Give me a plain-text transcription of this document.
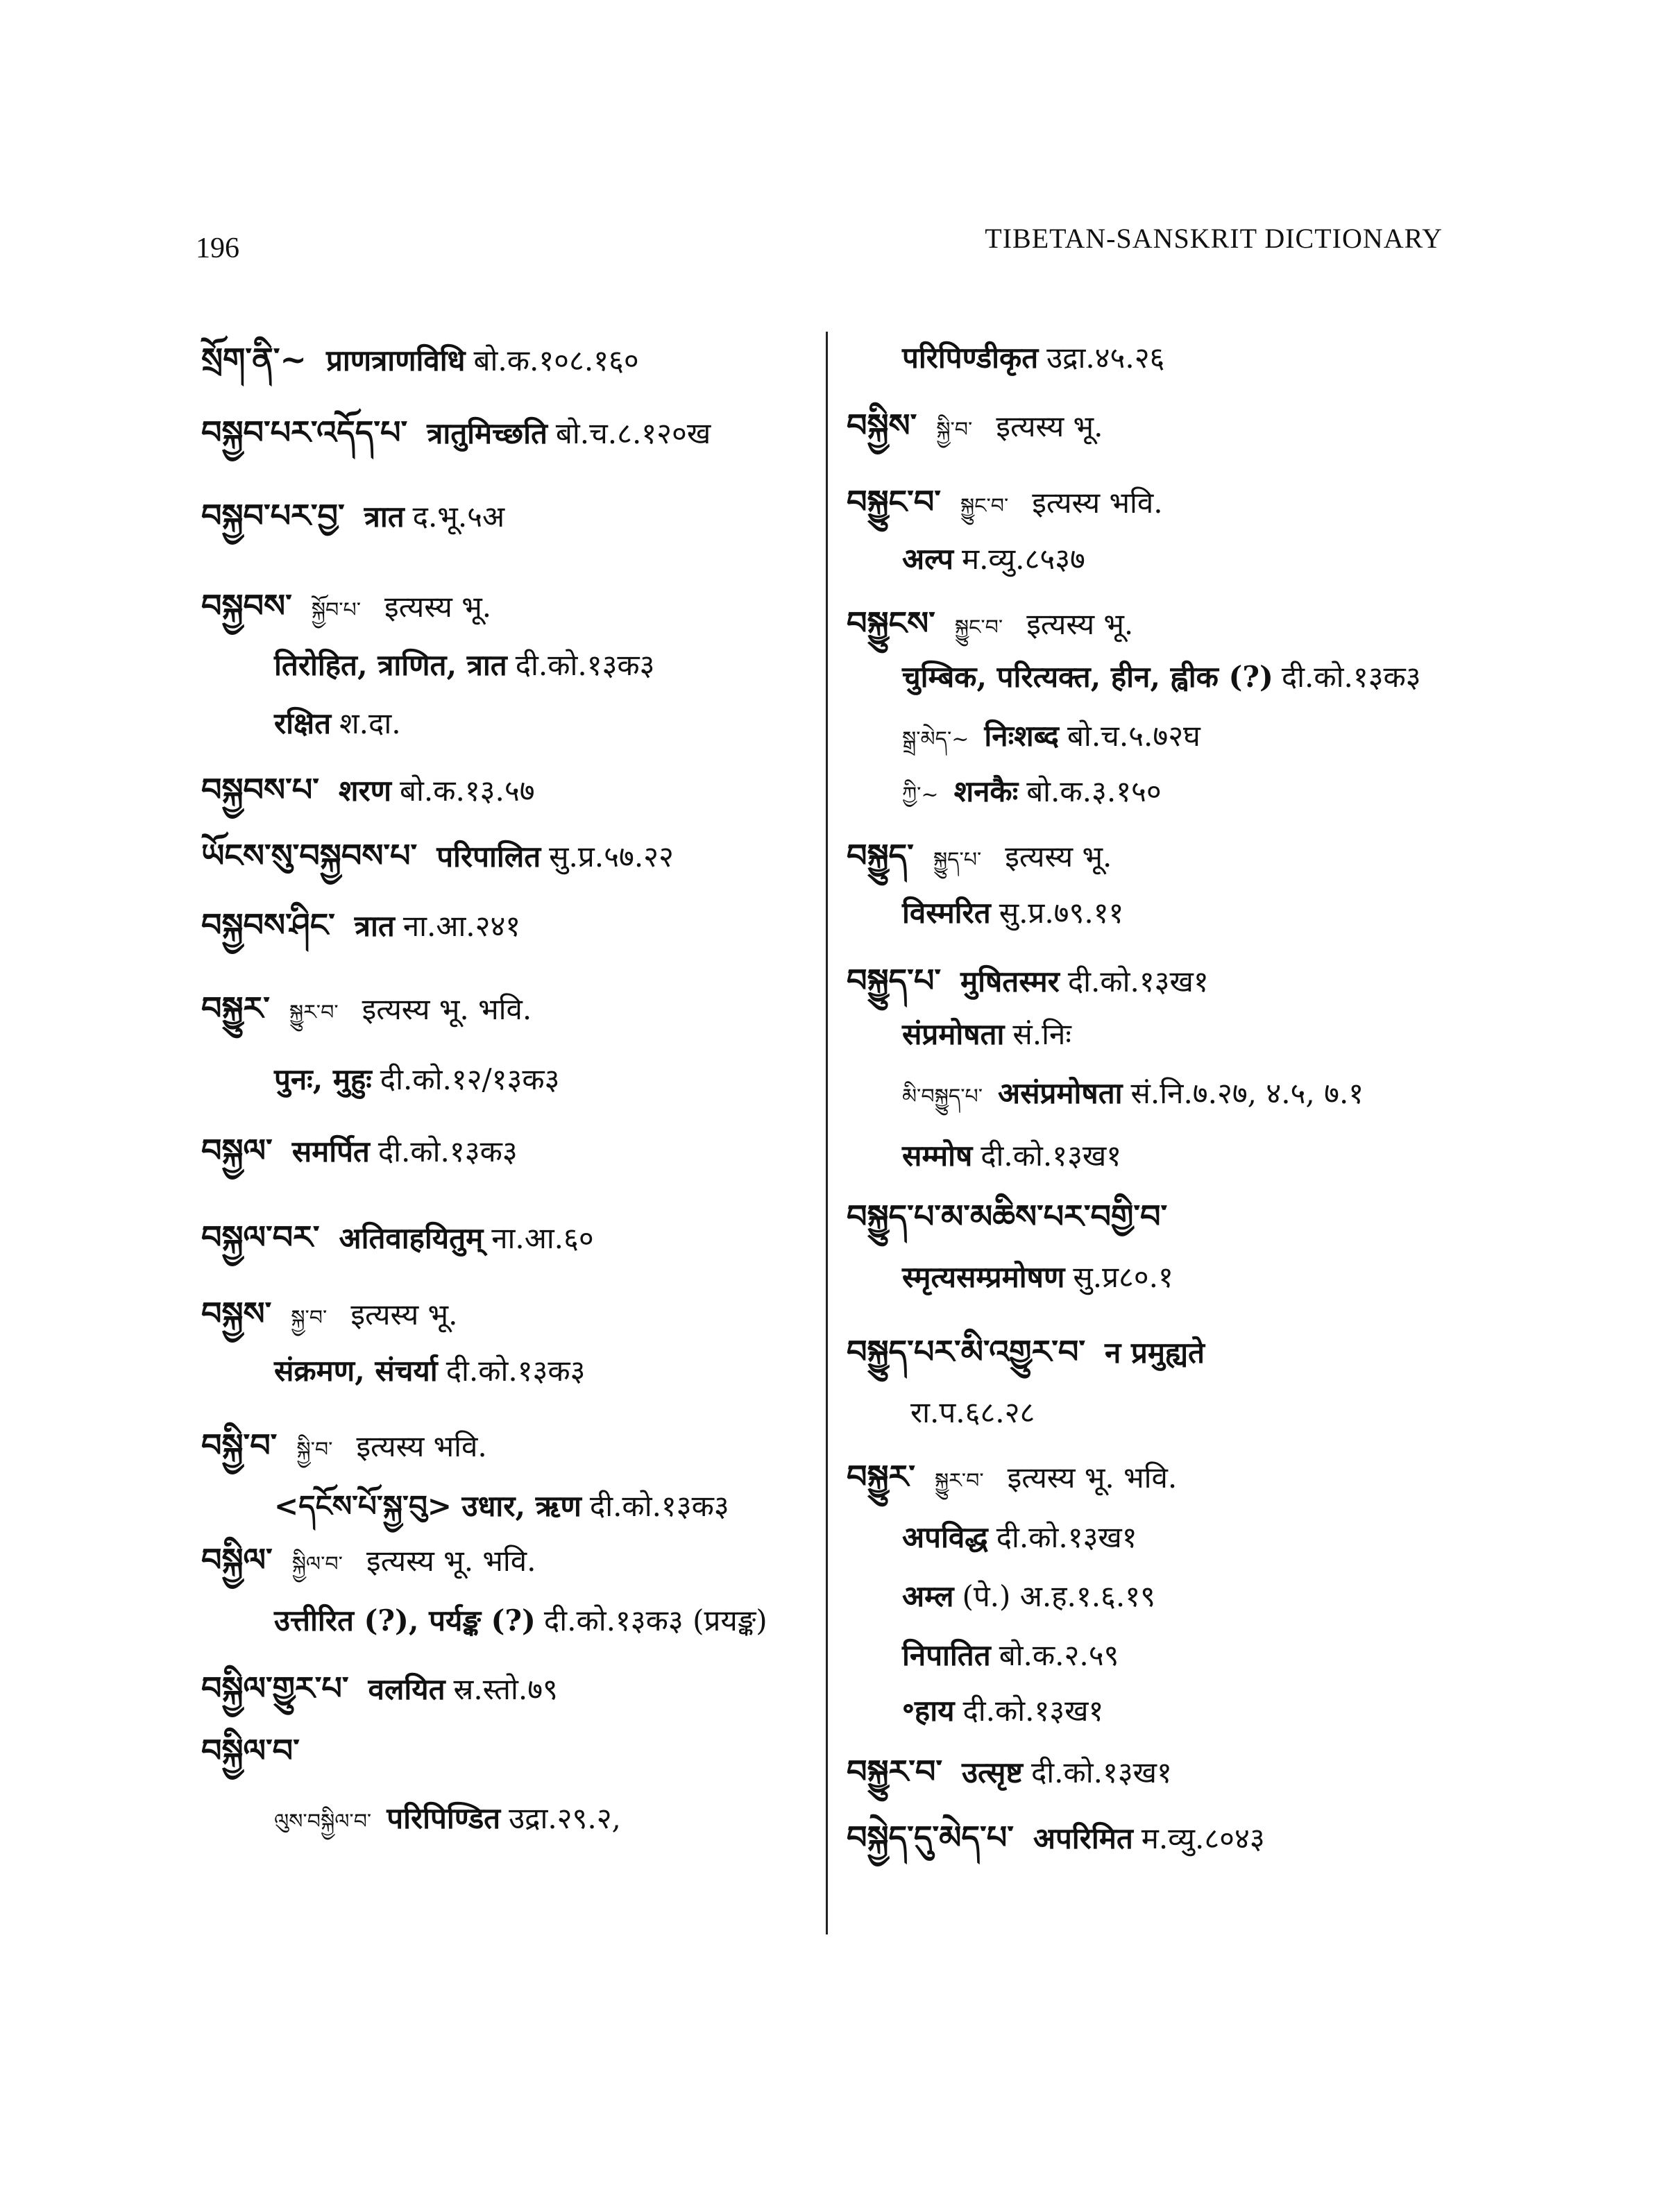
196	TIBETAN-SANSKRIT DICTIONARY
སྲོག་ནི་~ प्राणत्राणविधि बो.क.१०८.१६०
བསྐྱབ་པར་འདོད་པ་ त्रातुमिच्छति बो.च.८.१२०ख
བསྐྱབ་པར་བྱ་ त्रात द.भू.५अ
བསྐྱབས་ སྐྱོབ་པ་ इत्यस्य भू.
तिरोहित, त्राणित, त्रात दी.को.१३क३
रक्षित श.दा.
བསྐྱབས་པ་ शरण बो.क.१३.५७
ཡོངས་སུ་བསྐྱབས་པ་ परिपालित सु.प्र.५७.२२
བསྐྱབས་ཤིང་ त्रात ना.आ.२४१
བསྐྱུར་ སྐྱུར་བ་ इत्यस्य भू. भवि.
पुनः, मुहुः दी.को.१२/१३क३
བསྐྱལ་ समर्पित दी.को.१३क३
བསྐྱལ་བར་ अतिवाहयितुम् ना.आ.६०
བསྐྱས་ སྐྱ་བ་ इत्यस्य भू.
संक्रमण, संचर्या दी.को.१३क३
བསྐྱི་བ་ སྐྱི་བ་ इत्यस्य भवि.
<དངོས་པོ་སྐྱ་བུ> उधार, ऋण दी.को.१३क३
བསྐྱིལ་ སྐྱིལ་བ་ इत्यस्य भू. भवि.
उत्तीरित (?), पर्यङ्क (?) दी.को.१३क३ (प्रयङ्क)
བསྐྱིལ་གྱུར་པ་ वलयित स्र.स्तो.७९
བསྐྱིལ་བ་
ལུས་བསྐྱིལ་བ་ परिपिण्डित उद्रा.२९.२,
परिपिण्डीकृत उद्रा.४५.२६
བསྐྱིས་ སྐྱི་བ་ इत्यस्य भू.
བསྐྱུང་བ་ སྐྱུང་བ་ इत्यस्य भवि.
अल्प म.व्यु.८५३७
བསྐྱུངས་ སྐྱུང་བ་ इत्यस्य भू.
चुम्बिक, परित्यक्त, हीन, ह्वीक (?) दी.को.१३क३
སྒྲ་མེད་~ निःशब्द बो.च.५.७२घ
ཀྱི་~ शनकैः बो.क.३.१५०
བསྐྱུད་ སྐྱུད་པ་ इत्यस्य भू.
विस्मरित सु.प्र.७९.११
བསྐྱུད་པ་ मुषितस्मर दी.को.१३ख१
संप्रमोषता सं.निः
མི་བསྐྱུད་པ་ असंप्रमोषता सं.नि.७.२७, ४.५, ७.१
सम्मोष दी.को.१३ख१
བསྐྱུད་པ་མ་མཆིས་པར་བགྱི་བ་
स्मृत्यसम्प्रमोषण सु.प्र८०.१
བསྐྱུད་པར་མི་འགྱུར་བ་ न प्रमुह्यते
रा.प.६८.२८
བསྐྱུར་ སྐྱུར་བ་ इत्यस्य भू. भवि.
अपविद्ध दी.को.१३ख१
अम्ल (पे.) अ.ह.१.६.१९
निपातित बो.क.२.५९
॰हाय दी.को.१३ख१
བསྐྱུར་བ་ उत्सृष्ट दी.को.१३ख१
བསྐྱེད་དུ་མེད་པ་ अपरिमित म.व्यु.८०४३
